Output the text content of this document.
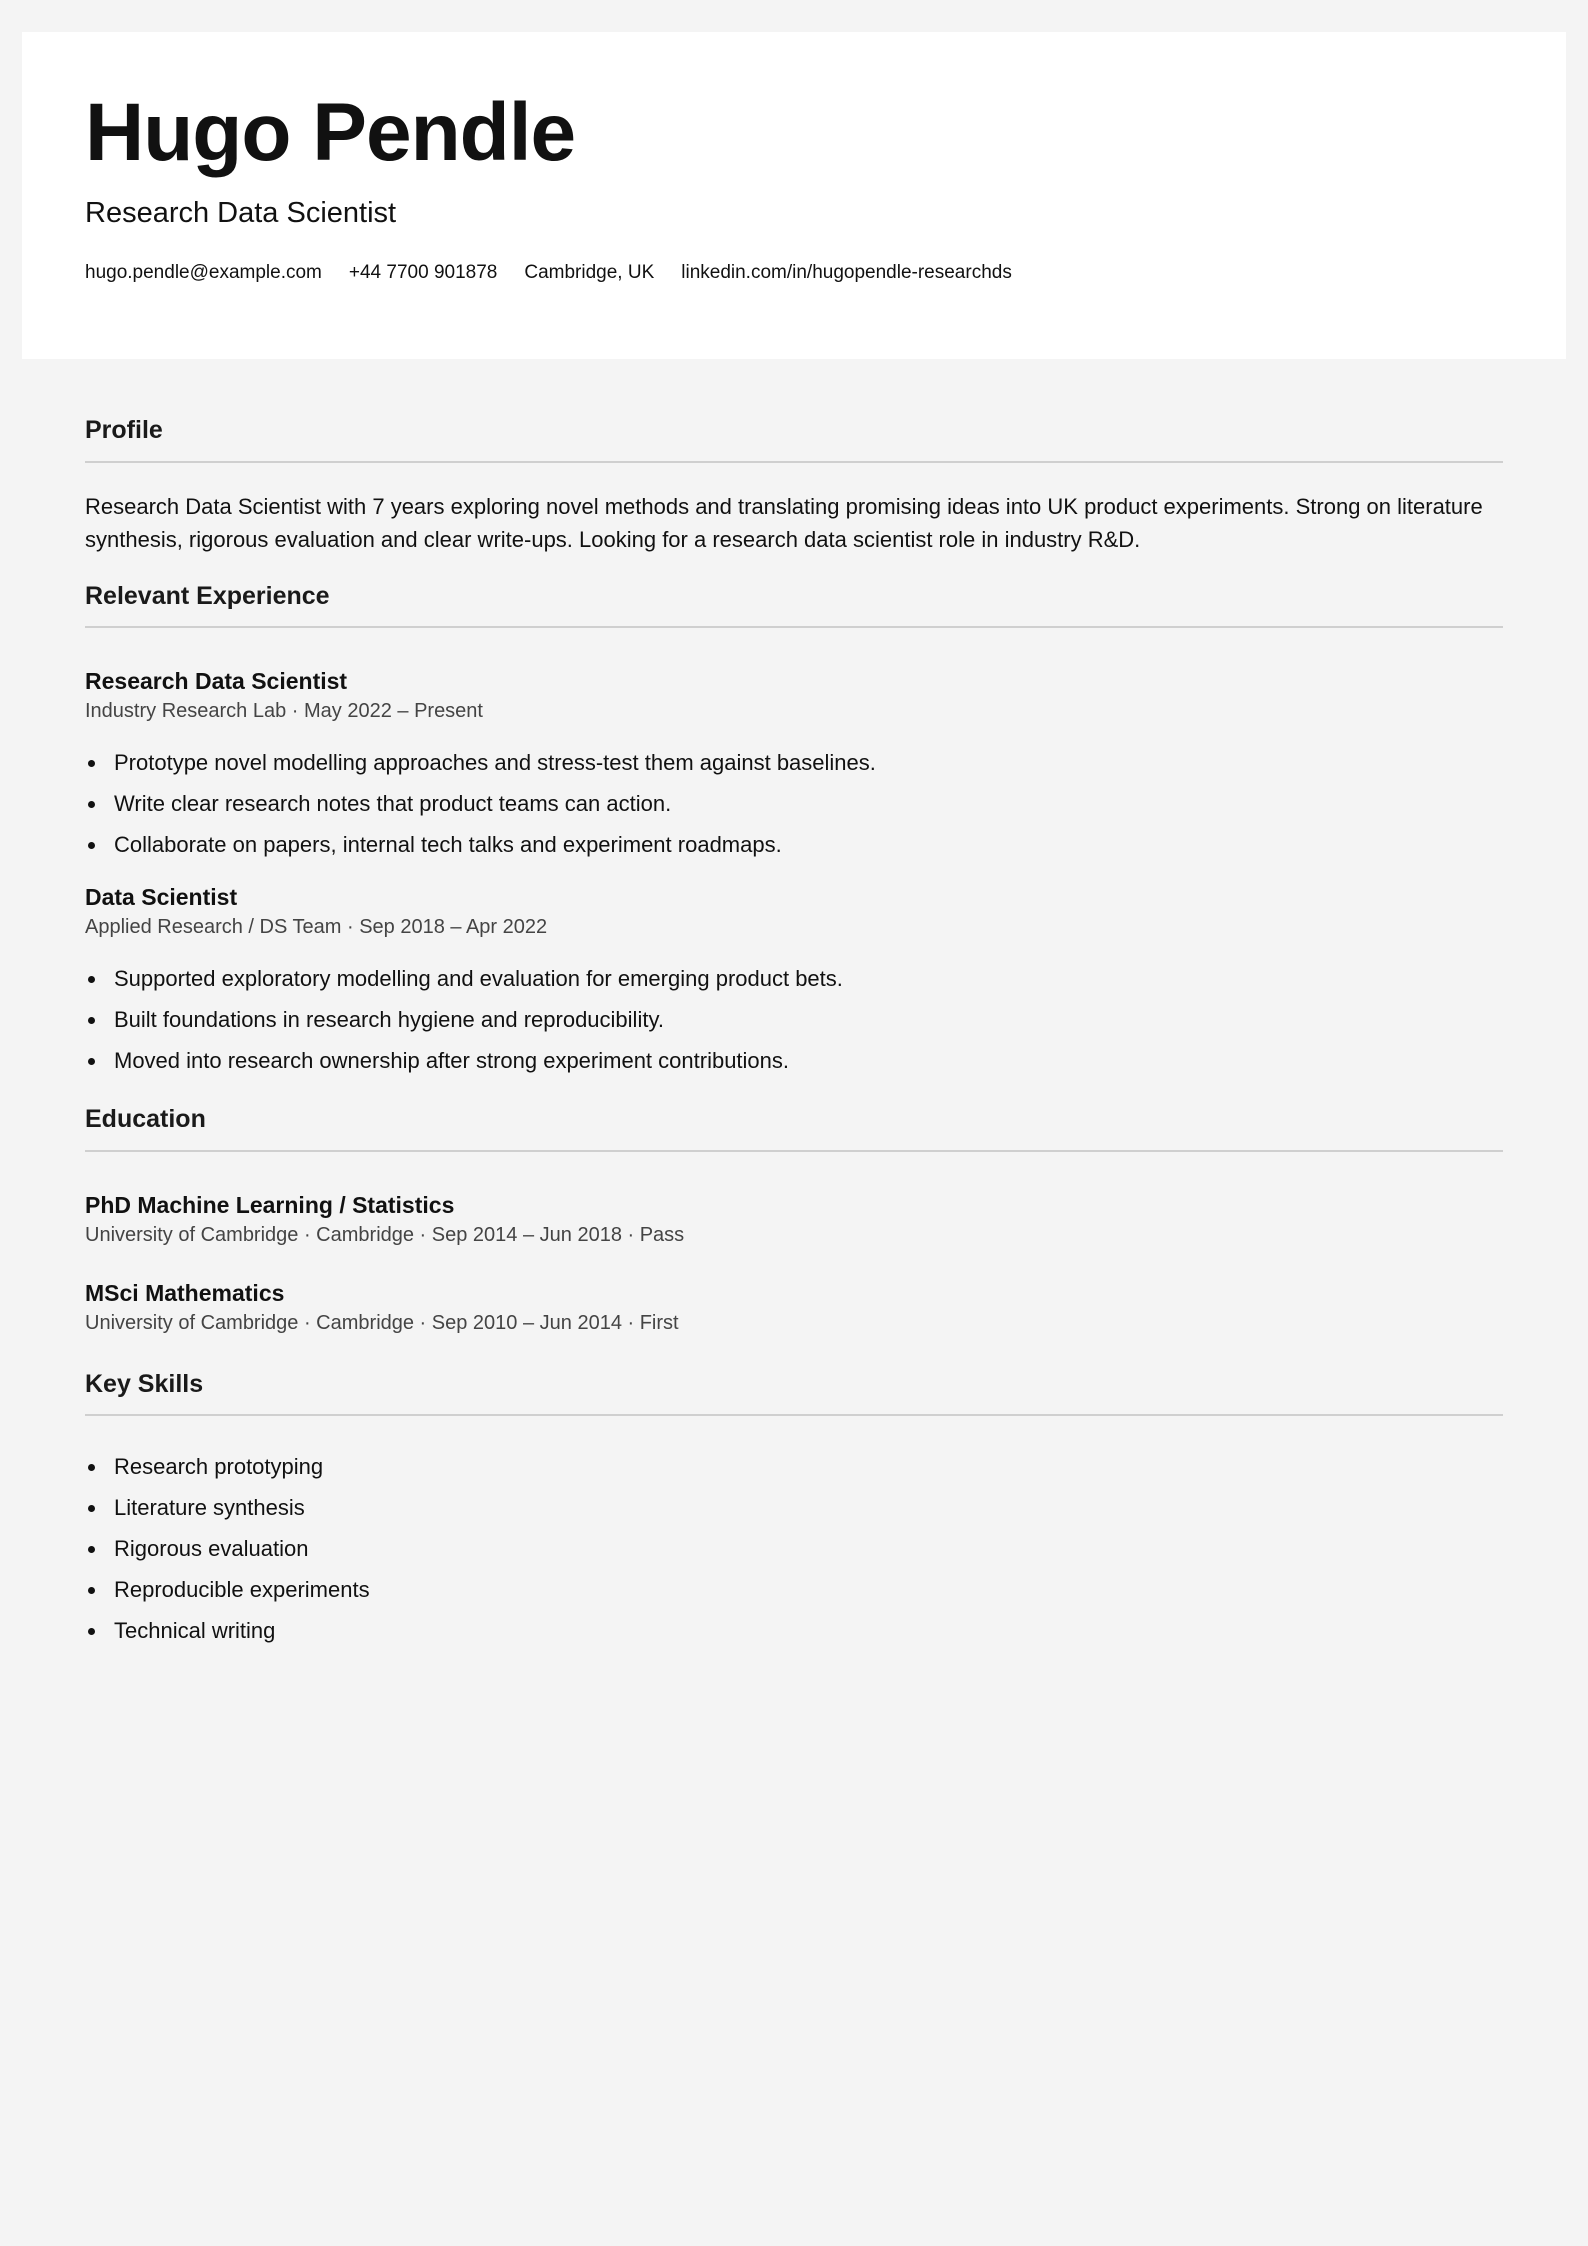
Hugo Pendle
Research Data Scientist
hugo.pendle@example.com +44 7700 901878 Cambridge, UK linkedin.com/in/hugopendle-researchds
Profile

Research Data Scientist with 7 years exploring novel methods and translating promising ideas into UK product experiments. Strong on literature synthesis, rigorous evaluation and clear write-ups. Looking for a research data scientist role in industry R&D.

Relevant Experience
Research Data Scientist
Industry Research Lab · May 2022 – Present
Prototype novel modelling approaches and stress-test them against baselines.
Write clear research notes that product teams can action.
Collaborate on papers, internal tech talks and experiment roadmaps.
Data Scientist
Applied Research / DS Team · Sep 2018 – Apr 2022
Supported exploratory modelling and evaluation for emerging product bets.
Built foundations in research hygiene and reproducibility.
Moved into research ownership after strong experiment contributions.
Education
PhD Machine Learning / Statistics
University of Cambridge · Cambridge · Sep 2014 – Jun 2018 · Pass
MSci Mathematics
University of Cambridge · Cambridge · Sep 2010 – Jun 2014 · First
Key Skills
Research prototyping
Literature synthesis
Rigorous evaluation
Reproducible experiments
Technical writing
